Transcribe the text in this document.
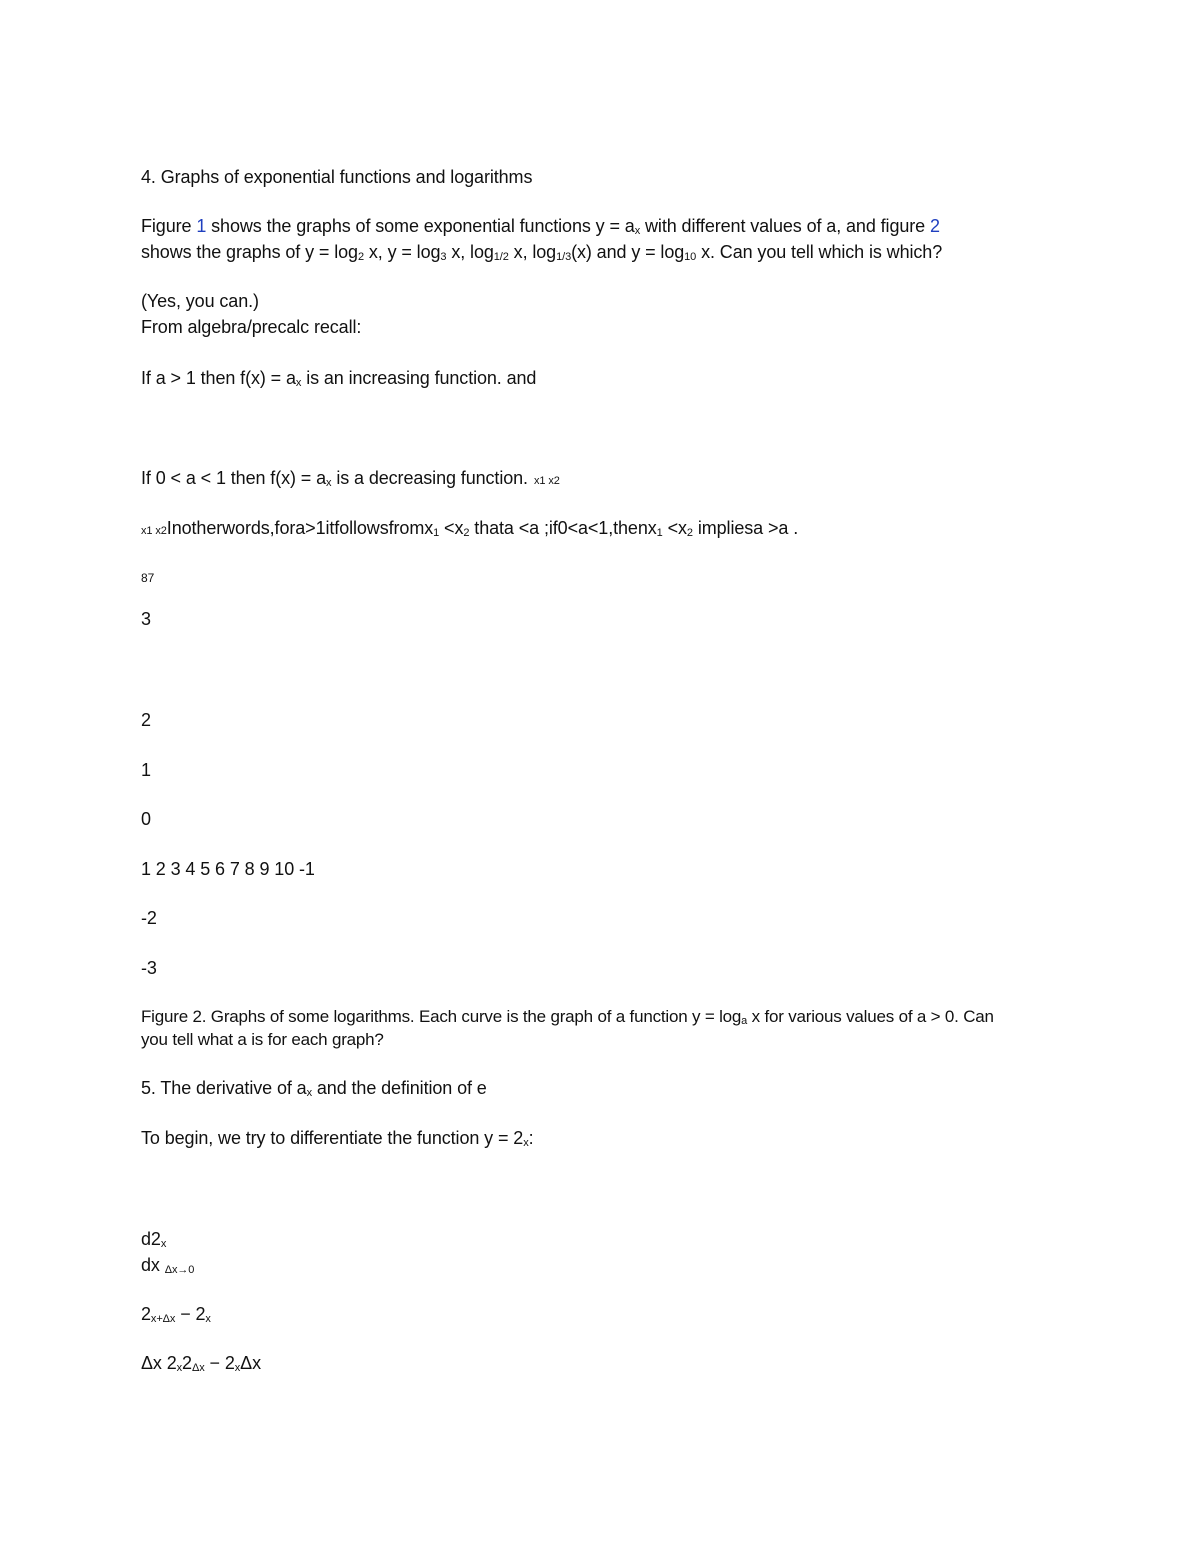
4. Graphs of exponential functions and logarithms
Figure 1 shows the graphs of some exponential functions y = ax with different values of a, and figure 2
shows the graphs of y = log2 x, y = log3 x, log1/2 x, log1/3(x) and y = log10 x. Can you tell which is which?
(Yes, you can.)
From algebra/precalc recall:
If a > 1 then f(x) = ax is an increasing function. and
If 0 < a < 1 then f(x) = ax is a decreasing function. x1 x2
x1 x2Inotherwords,fora>1itfollowsfromx1 <x2 thata <a ;if0<a<1,thenx1 <x2 impliesa >a .
87
3
2
1
0
1 2 3 4 5 6 7 8 9 10 -1
-2
-3
Figure 2. Graphs of some logarithms. Each curve is the graph of a function y = loga x for various values of a > 0. Can
you tell what a is for each graph?
5. The derivative of ax and the definition of e
To begin, we try to differentiate the function y = 2x:
d2x
dx Δx→0
2x+Δx − 2x
Δx 2x2Δx − 2xΔx
